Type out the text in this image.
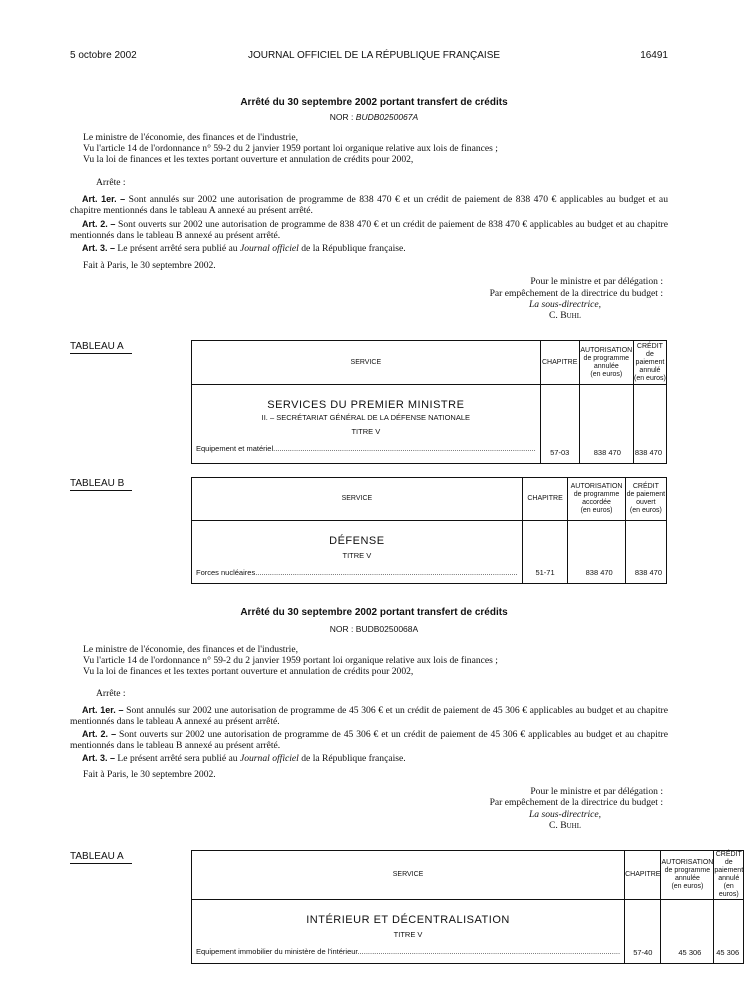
5 octobre 2002	JOURNAL OFFICIEL DE LA RÉPUBLIQUE FRANÇAISE	16491
Arrêté du 30 septembre 2002 portant transfert de crédits
NOR : BUDB0250067A
Le ministre de l'économie, des finances et de l'industrie,
Vu l'article 14 de l'ordonnance n° 59-2 du 2 janvier 1959 portant loi organique relative aux lois de finances ;
Vu la loi de finances et les textes portant ouverture et annulation de crédits pour 2002,
Arrête :
Art. 1er. – Sont annulés sur 2002 une autorisation de programme de 838 470 € et un crédit de paiement de 838 470 € applicables au budget et au chapitre mentionnés dans le tableau A annexé au présent arrêté.
Art. 2. – Sont ouverts sur 2002 une autorisation de programme de 838 470 € et un crédit de paiement de 838 470 € applicables au budget et au chapitre mentionnés dans le tableau B annexé au présent arrêté.
Art. 3. – Le présent arrêté sera publié au Journal officiel de la République française.
Fait à Paris, le 30 septembre 2002.
Pour le ministre et par délégation :
Par empêchement de la directrice du budget :
La sous-directrice,
C. Buhl
TABLEAU A
SERVICE	CHAPITRE	AUTORISATION
de programme
annulée
(en euros)	CRÉDIT
de paiement
annulé
(en euros)

SERVICES DU PREMIER MINISTRE
II. – SECRÉTARIAT GÉNÉRAL DE LA DÉFENSE NATIONALE
TITRE V
Equipement et matériel..............................................................................................................................	57-03	838 470	838 470
TABLEAU B
SERVICE	CHAPITRE	AUTORISATION
de programme
accordée
(en euros)	CRÉDIT
de paiement
ouvert
(en euros)

DÉFENSE
TITRE V
Forces nucléaires..............................................................................................................................	51-71	838 470	838 470
Arrêté du 30 septembre 2002 portant transfert de crédits
NOR : BUDB0250068A
Le ministre de l'économie, des finances et de l'industrie,
Vu l'article 14 de l'ordonnance n° 59-2 du 2 janvier 1959 portant loi organique relative aux lois de finances ;
Vu la loi de finances et les textes portant ouverture et annulation de crédits pour 2002,
Arrête :
Art. 1er. – Sont annulés sur 2002 une autorisation de programme de 45 306 € et un crédit de paiement de 45 306 € applicables au budget et au chapitre mentionnés dans le tableau A annexé au présent arrêté.
Art. 2. – Sont ouverts sur 2002 une autorisation de programme de 45 306 € et un crédit de paiement de 45 306 € applicables au budget et au chapitre mentionnés dans le tableau B annexé au présent arrêté.
Art. 3. – Le présent arrêté sera publié au Journal officiel de la République française.
Fait à Paris, le 30 septembre 2002.
Pour le ministre et par délégation :
Par empêchement de la directrice du budget :
La sous-directrice,
C. Buhl
TABLEAU A
SERVICE	CHAPITRE	AUTORISATION
de programme
annulée
(en euros)	CRÉDIT
de paiement
annulé
(en euros)

INTÉRIEUR ET DÉCENTRALISATION
TITRE V
Equipement immobilier du ministère de l'intérieur..............................................................................................................................	57-40	45 306	45 306
